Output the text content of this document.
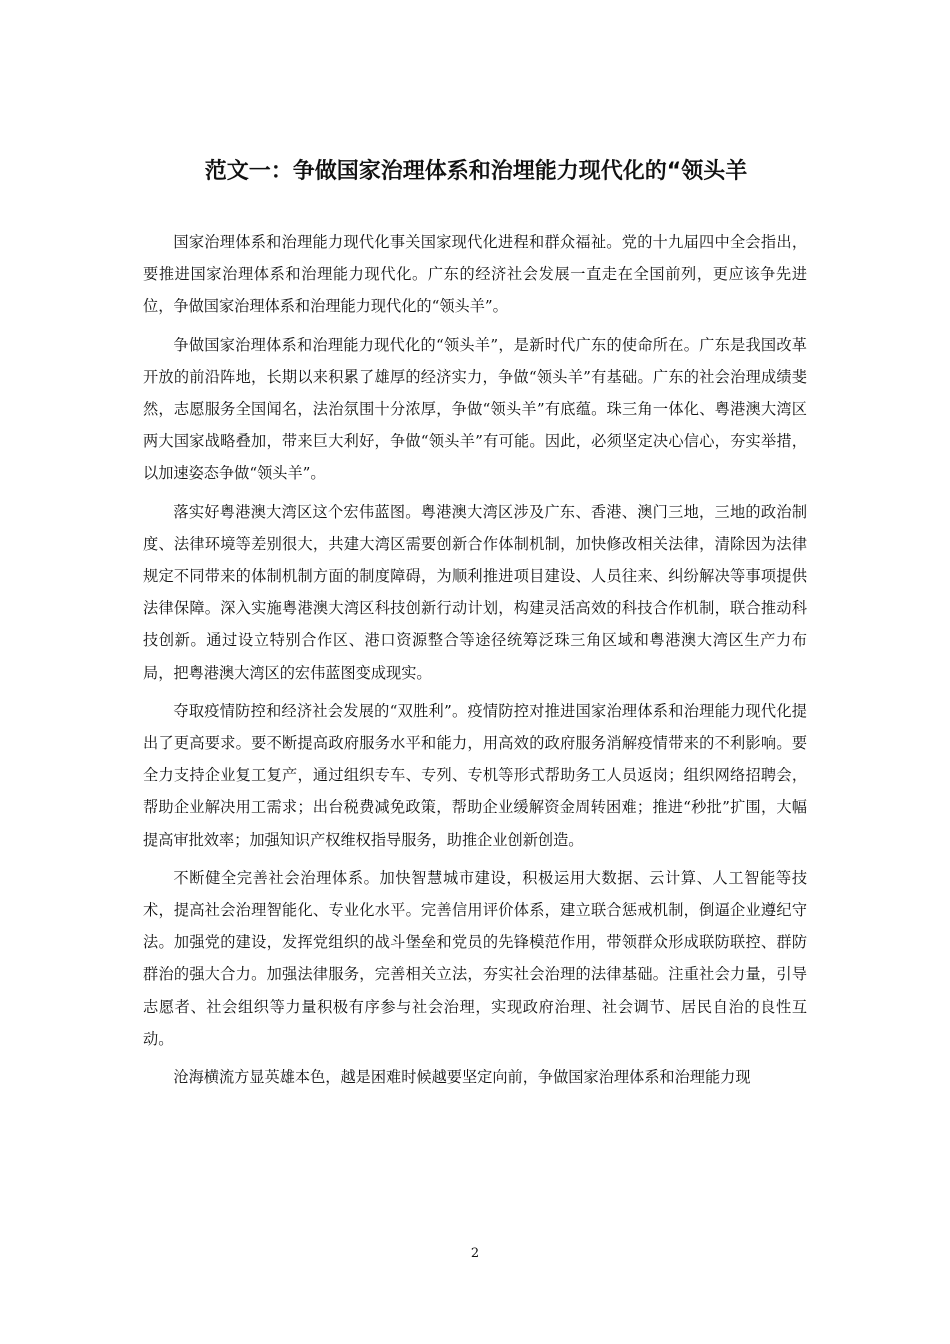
范文一：争做国家治理体系和治埋能力现代化的“领头羊

国家治理体系和治理能力现代化事关国家现代化进程和群众福祉。党的十九届四中全会指出，要推进国家治理体系和治理能力现代化。广东的经济社会发展一直走在全国前列，更应该争先进位，争做国家治理体系和治理能力现代化的“领头羊”。

争做国家治理体系和治理能力现代化的“领头羊”，是新时代广东的使命所在。广东是我国改革开放的前沿阵地，长期以来积累了雄厚的经济实力，争做“领头羊”有基础。广东的社会治理成绩斐然，志愿服务全国闻名，法治氛围十分浓厚，争做“领头羊”有底蕴。珠三角一体化、粤港澳大湾区两大国家战略叠加，带来巨大利好，争做“领头羊”有可能。因此，必须坚定决心信心，夯实举措，以加速姿态争做“领头羊”。

落实好粤港澳大湾区这个宏伟蓝图。粤港澳大湾区涉及广东、香港、澳门三地，三地的政治制度、法律环境等差别很大，共建大湾区需要创新合作体制机制，加快修改相关法律，清除因为法律规定不同带来的体制机制方面的制度障碍，为顺利推进项目建设、人员往来、纠纷解决等事项提供法律保障。深入实施粤港澳大湾区科技创新行动计划，构建灵活高效的科技合作机制，联合推动科技创新。通过设立特别合作区、港口资源整合等途径统筹泛珠三角区域和粤港澳大湾区生产力布局，把粤港澳大湾区的宏伟蓝图变成现实。

夺取疫情防控和经济社会发展的“双胜利”。疫情防控对推进国家治理体系和治理能力现代化提出了更高要求。要不断提高政府服务水平和能力，用高效的政府服务消解疫情带来的不利影响。要全力支持企业复工复产，通过组织专车、专列、专机等形式帮助务工人员返岗；组织网络招聘会，帮助企业解决用工需求；出台税费减免政策，帮助企业缓解资金周转困难；推进“秒批”扩围，大幅提高审批效率；加强知识产权维权指导服务，助推企业创新创造。

不断健全完善社会治理体系。加快智慧城市建设，积极运用大数据、云计算、人工智能等技术，提高社会治理智能化、专业化水平。完善信用评价体系，建立联合惩戒机制，倒逼企业遵纪守法。加强党的建设，发挥党组织的战斗堡垒和党员的先锋模范作用，带领群众形成联防联控、群防群治的强大合力。加强法律服务，完善相关立法，夯实社会治理的法律基础。注重社会力量，引导志愿者、社会组织等力量积极有序参与社会治理，实现政府治理、社会调节、居民自治的良性互动。

沧海横流方显英雄本色，越是困难时候越要坚定向前，争做国家治理体系和治理能力现

2
